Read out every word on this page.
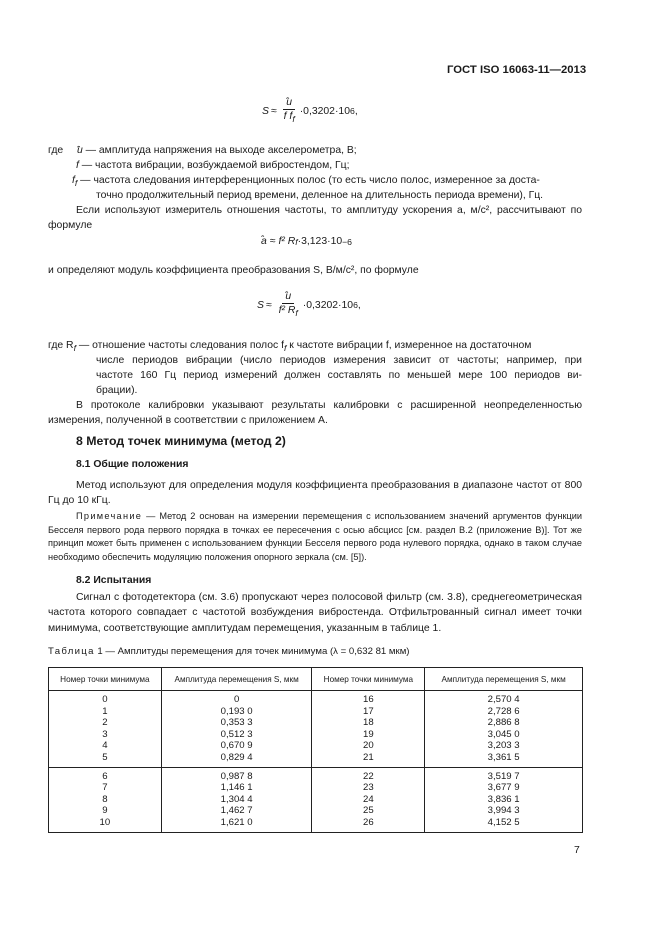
ГОСТ ISO 16063-11—2013
S ≈ ˘ $\frac{u}{f f_f} \cdot 0,3202\cdot 10$ 6 ,
где ˘ u — амплитуда напряжения на выходе акселерометра, В;
f — частота вибрации, возбуждаемой вибростендом, Гц;
$f_f$ — частота следования интерференционных полос (то есть число полос, измеренное за доста-
точно продолжительный период времени, деленное на длительность периода времени), Гц.
Если используют измеритель отношения частоты, то амплитуду ускорения a, м/с², рассчитывают по формуле
˘ a ≈ f² R f ·3,123·10 −6
и определяют модуль коэффициента преобразования S, В/м/с², по формуле
S ≈ ˘ $\frac{u}{f^2 R_f} \cdot 0,3202\cdot 10$ 6 ,
где $R_f$ — отношение частоты следования полос $f_f$ к частоте вибрации f, измеренное на достаточном
числе периодов вибрации (число периодов измерения зависит от частоты; например, при
частоте 160 Гц период измерений должен составлять по меньшей мере 100 периодов ви-
брации).
В протоколе калибровки указывают результаты калибровки с расширенной неопределенностью измерения, полученной в соответствии с приложением А.
8 Метод точек минимума (метод 2)
8.1 Общие положения
Метод используют для определения модуля коэффициента преобразования в диапазоне частот от 800 Гц до 10 кГц.
Примечание — Метод 2 основан на измерении перемещения с использованием значений аргументов функции Бесселя первого рода первого порядка в точках ее пересечения с осью абсцисс [см. раздел В.2 (приложение В)]. Тот же принцип может быть применен с использованием функции Бесселя первого рода нулевого порядка, однако в таком случае необходимо обеспечить модуляцию положения опорного зеркала (см. [5]).
8.2 Испытания
Сигнал с фотодетектора (см. 3.6) пропускают через полосовой фильтр (см. 3.8), среднегеометрическая частота которого совпадает с частотой возбуждения вибростенда. Отфильтрованный сигнал имеет точки минимума, соответствующие амплитудам перемещения, указанным в таблице 1.
Таблица 1 — Амплитуды перемещения для точек минимума (λ = 0,632 81 мкм)
Номер точки минимума	Амплитуда перемещения S, мкм	Номер точки минимума	Амплитуда перемещения S, мкм
0	0	16	2,570 4
1	0,193 0	17	2,728 6
2	0,353 3	18	2,886 8
3	0,512 3	19	3,045 0
4	0,670 9	20	3,203 3
5	0,829 4	21	3,361 5
6	0,987 8	22	3,519 7
7	1,146 1	23	3,677 9
8	1,304 4	24	3,836 1
9	1,462 7	25	3,994 3
10	1,621 0	26	4,152 5
7
